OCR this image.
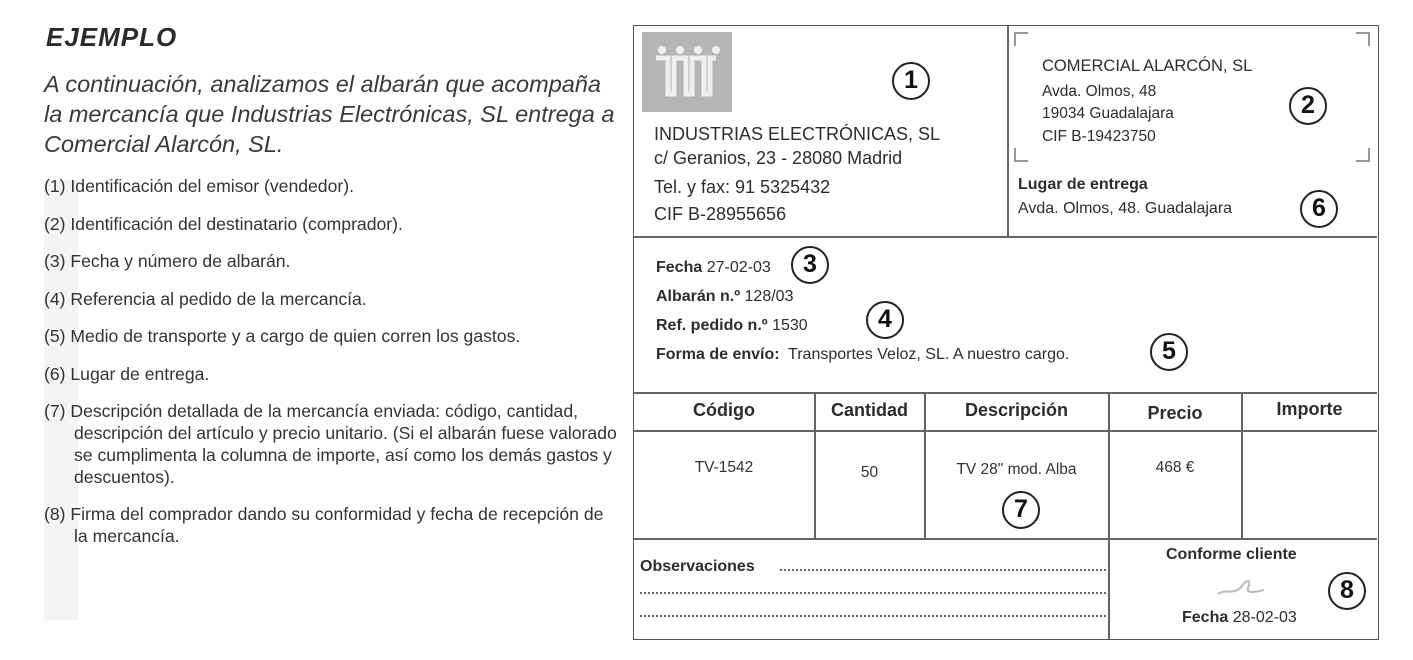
EJEMPLO
A continuación, analizamos el albarán que acompaña la mercancía que Industrias Electrónicas, SL entrega a Comercial Alarcón, SL.
(1) Identificación del emisor (vendedor).
(2) Identificación del destinatario (comprador).
(3) Fecha y número de albarán.
(4) Referencia al pedido de la mercancía.
(5) Medio de transporte y a cargo de quien corren los gastos.
(6) Lugar de entrega.
(7) Descripción detallada de la mercancía enviada: código, cantidad, descripción del artículo y precio unitario. (Si el albarán fuese valorado se cumplimenta la columna de importe, así como los demás gastos y descuentos).
(8) Firma del comprador dando su conformidad y fecha de recepción de la mercancía.
1
INDUSTRIAS ELECTRÓNICAS, SL
c/ Geranios, 23 - 28080 Madrid
Tel. y fax: 91 5325432
CIF B-28955656
COMERCIAL ALARCÓN, SL
Avda. Olmos, 48
19034 Guadalajara
CIF B-19423750
2
Lugar de entrega
Avda. Olmos, 48. Guadalajara	6
Fecha 27-02-03	3
Albarán n.º 128/03
Ref. pedido n.º 1530	4
Forma de envío: Transportes Veloz, SL. A nuestro cargo.	5
Código	Cantidad	Descripción	Precio	Importe
TV-1542	50	TV 28" mod. Alba	468 €
7
Observaciones
Conforme cliente
8
Fecha 28-02-03
